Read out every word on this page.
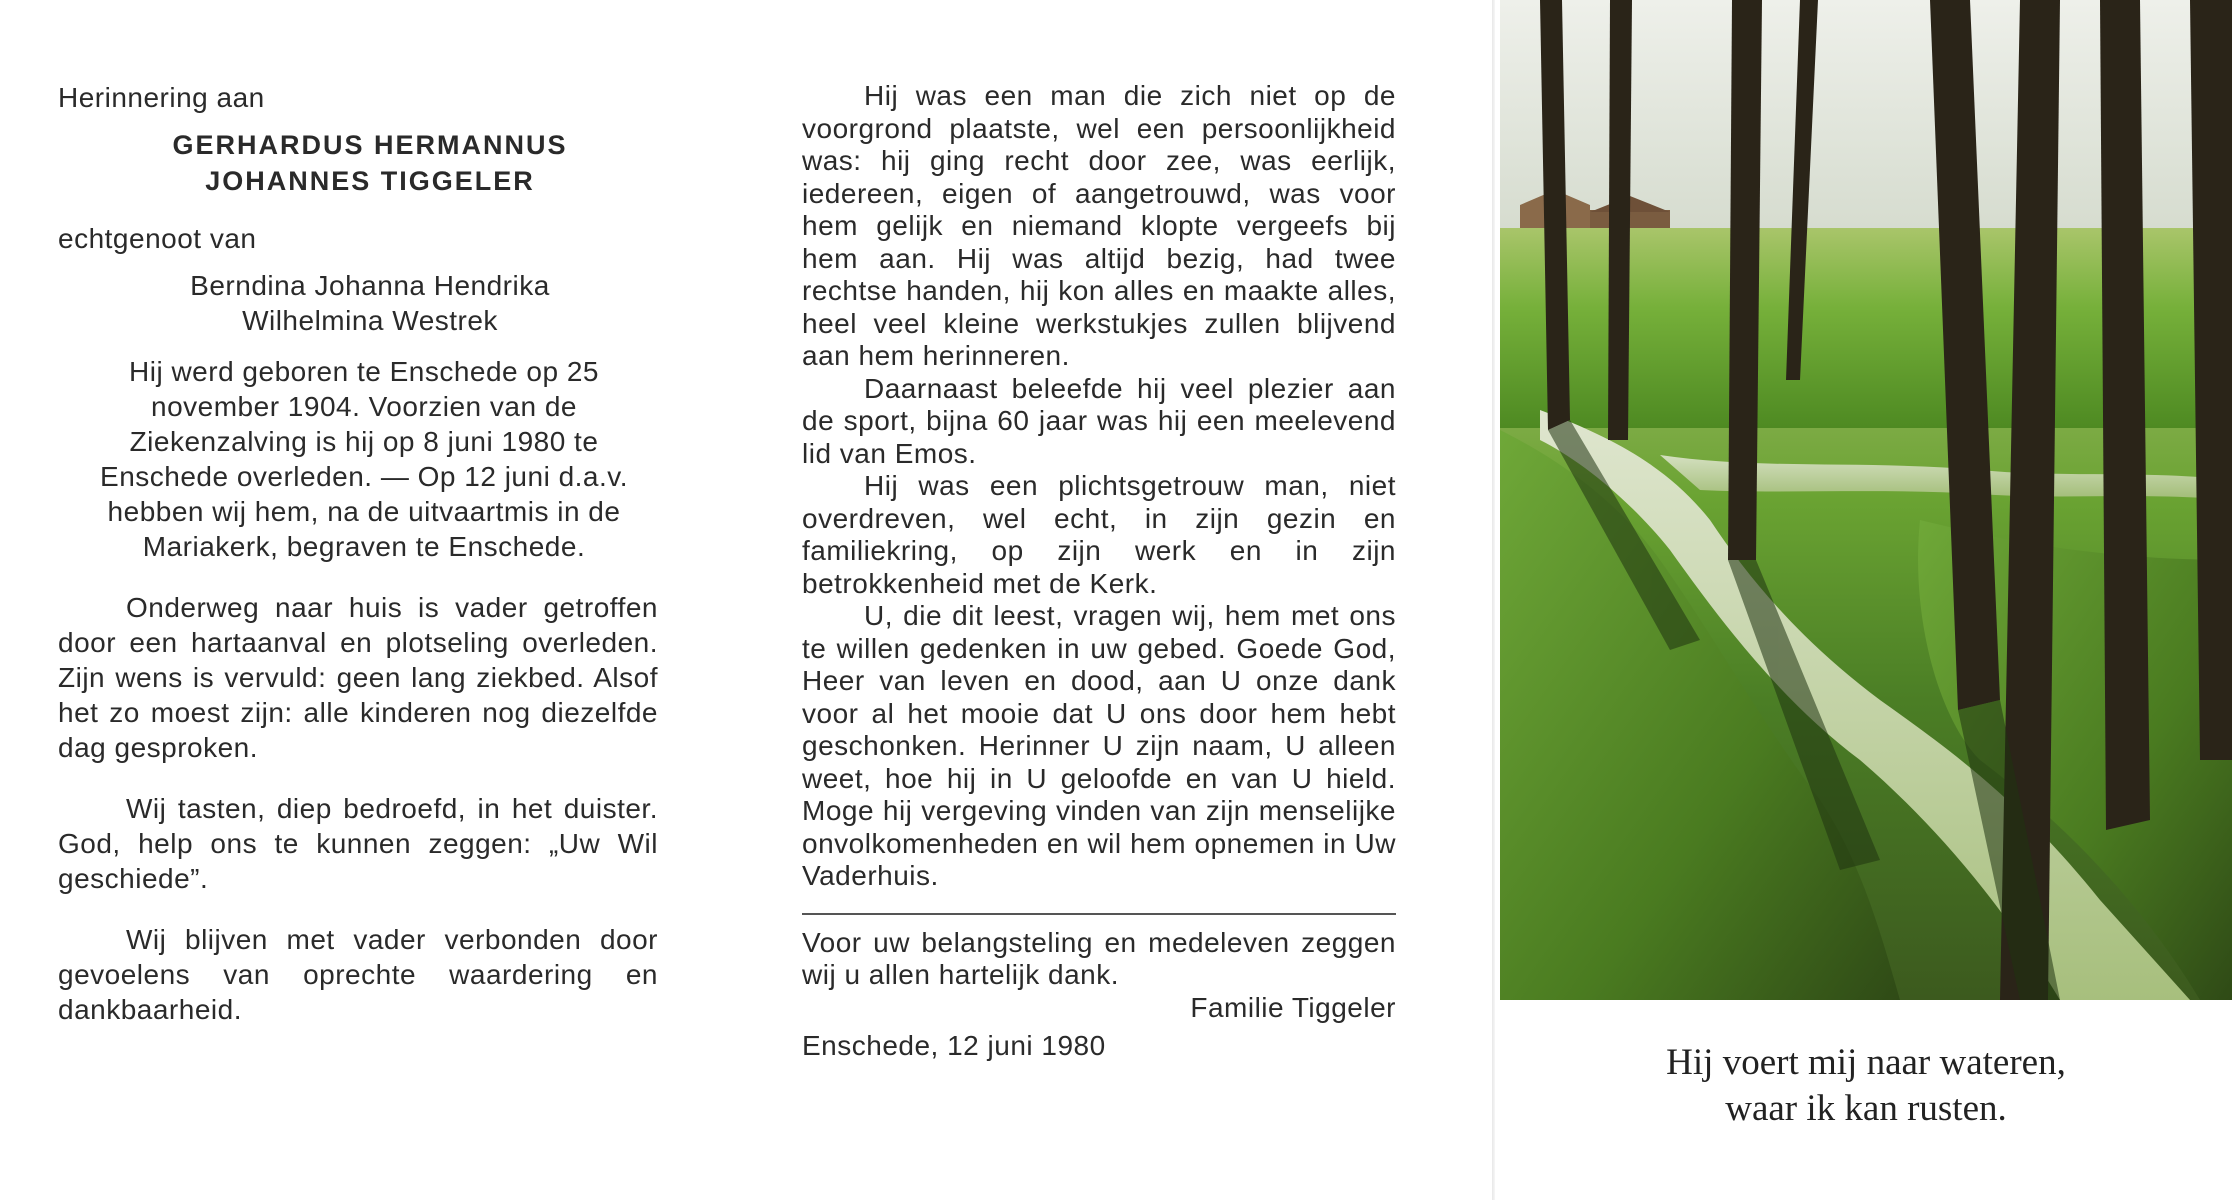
Herinnering aan

GERHARDUS HERMANNUS
JOHANNES TIGGELER

echtgenoot van

Berndina Johanna Hendrika
Wilhelmina Westrek

Hij werd geboren te Enschede op 25 november 1904. Voorzien van de Ziekenzalving is hij op 8 juni 1980 te Enschede overleden. — Op 12 juni d.a.v. hebben wij hem, na de uitvaartmis in de Mariakerk, begraven te Enschede.

Onderweg naar huis is vader getroffen door een hartaanval en plotseling overleden. Zijn wens is vervuld: geen lang ziekbed. Alsof het zo moest zijn: alle kinderen nog diezelfde dag gesproken.

Wij tasten, diep bedroefd, in het duister. God, help ons te kunnen zeggen: „Uw Wil geschiede”.

Wij blijven met vader verbonden door gevoelens van oprechte waardering en dankbaarheid.

Hij was een man die zich niet op de voorgrond plaatste, wel een persoonlijkheid was: hij ging recht door zee, was eerlijk, iedereen, eigen of aangetrouwd, was voor hem gelijk en niemand klopte vergeefs bij hem aan. Hij was altijd bezig, had twee rechtse handen, hij kon alles en maakte alles, heel veel kleine werkstukjes zullen blijvend aan hem herinneren.

Daarnaast beleefde hij veel plezier aan de sport, bijna 60 jaar was hij een meelevend lid van Emos.

Hij was een plichtsgetrouw man, niet overdreven, wel echt, in zijn gezin en familiekring, op zijn werk en in zijn betrokkenheid met de Kerk.

U, die dit leest, vragen wij, hem met ons te willen gedenken in uw gebed. Goede God, Heer van leven en dood, aan U onze dank voor al het mooie dat U ons door hem hebt geschonken. Herinner U zijn naam, U alleen weet, hoe hij in U geloofde en van U hield. Moge hij vergeving vinden van zijn menselijke onvolkomenheden en wil hem opnemen in Uw Vaderhuis.

Voor uw belangsteling en medeleven zeggen wij u allen hartelijk dank.

Familie Tiggeler

Enschede, 12 juni 1980	Hij voert mij naar wateren,
waar ik kan rusten.
